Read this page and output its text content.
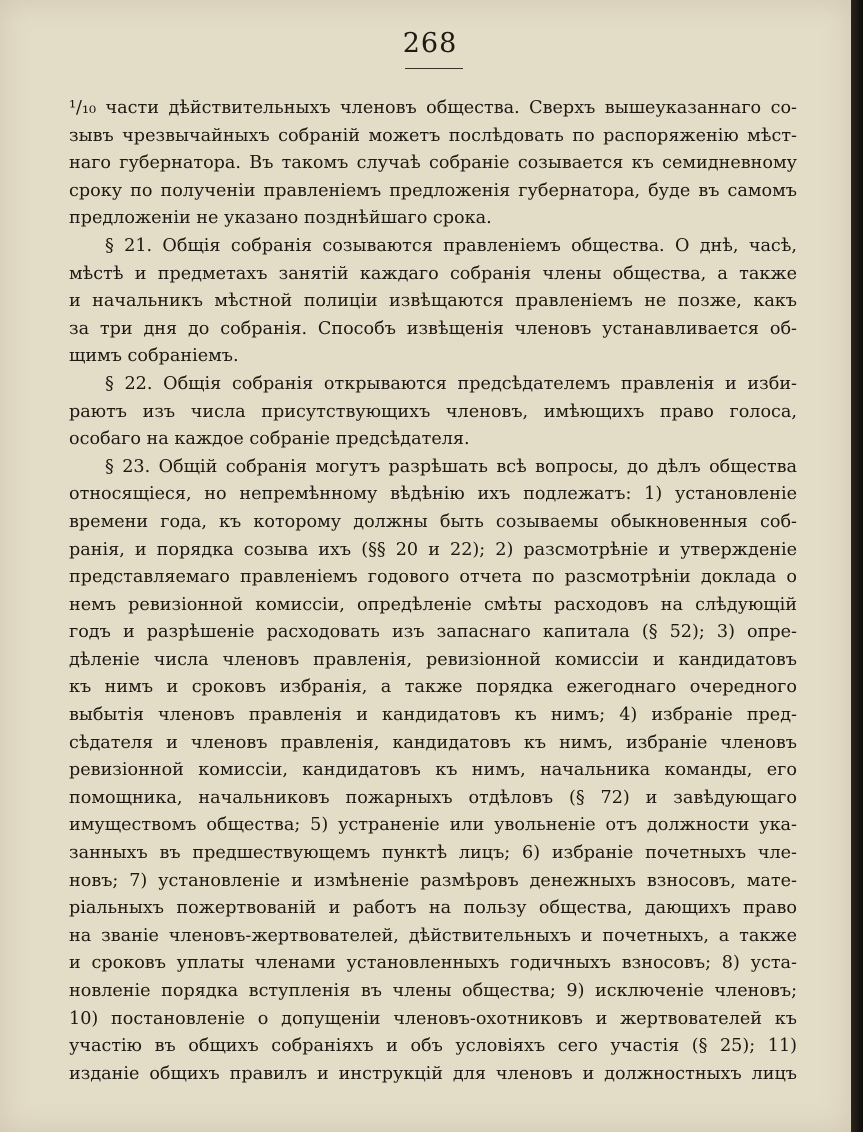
268
¹/₁₀ части дѣйствительныхъ членовъ общества. Сверхъ вышеуказаннаго со-
зывъ чрезвычайныхъ собранiй можетъ послѣдовать по распоряженiю мѣст-
наго губернатора. Въ такомъ случаѣ собранiе созывается къ семидневному
сроку по полученiи правленiемъ предложенiя губернатора, буде въ самомъ
предложенiи не указано позднѣйшаго срока.
§ 21. Общiя собранiя созываются правленiемъ общества. О днѣ, часѣ,
мѣстѣ и предметахъ занятiй каждаго собранiя члены общества, а также
и начальникъ мѣстной полицiи извѣщаются правленiемъ не позже, какъ
за три дня до собранiя. Способъ извѣщенiя членовъ устанавливается об-
щимъ собранiемъ.
§ 22. Общiя собранiя открываются предсѣдателемъ правленiя и изби-
раютъ изъ числа присутствующихъ членовъ, имѣющихъ право голоса,
особаго на каждое собранiе предсѣдателя.
§ 23. Общiй собранiя могутъ разрѣшать всѣ вопросы, до дѣлъ общества
относящiеся, но непремѣнному вѣдѣнiю ихъ подлежатъ: 1) установленiе
времени года, къ которому должны быть созываемы обыкновенныя соб-
ранiя, и порядка созыва ихъ (§§ 20 и 22); 2) разсмотрѣнiе и утвержденiе
представляемаго правленiемъ годового отчета по разсмотрѣнiи доклада о
немъ ревизiонной комиссiи, опредѣленiе смѣты расходовъ на слѣдующiй
годъ и разрѣшенiе расходовать изъ запаснаго капитала (§ 52); 3) опре-
дѣленiе числа членовъ правленiя, ревизiонной комиссiи и кандидатовъ
къ нимъ и сроковъ избранiя, а также порядка ежегоднаго очередного
выбытiя членовъ правленiя и кандидатовъ къ нимъ; 4) избранiе пред-
сѣдателя и членовъ правленiя, кандидатовъ къ нимъ, избранiе членовъ
ревизiонной комиссiи, кандидатовъ къ нимъ, начальника команды, его
помощника, начальниковъ пожарныхъ отдѣловъ (§ 72) и завѣдующаго
имуществомъ общества; 5) устраненiе или увольненiе отъ должности ука-
занныхъ въ предшествующемъ пунктѣ лицъ; 6) избранiе почетныхъ чле-
новъ; 7) установленiе и измѣненiе размѣровъ денежныхъ взносовъ, мате-
рiальныхъ пожертвованiй и работъ на пользу общества, дающихъ право
на званiе членовъ-жертвователей, дѣйствительныхъ и почетныхъ, а также
и сроковъ уплаты членами установленныхъ годичныхъ взносовъ; 8) уста-
новленiе порядка вступленiя въ члены общества; 9) исключенiе членовъ;
10) постановленiе о допущенiи членовъ-охотниковъ и жертвователей къ
участiю въ общихъ собранiяхъ и объ условiяхъ сего участiя (§ 25); 11)
изданiе общихъ правилъ и инструкцiй для членовъ и должностныхъ лицъ
